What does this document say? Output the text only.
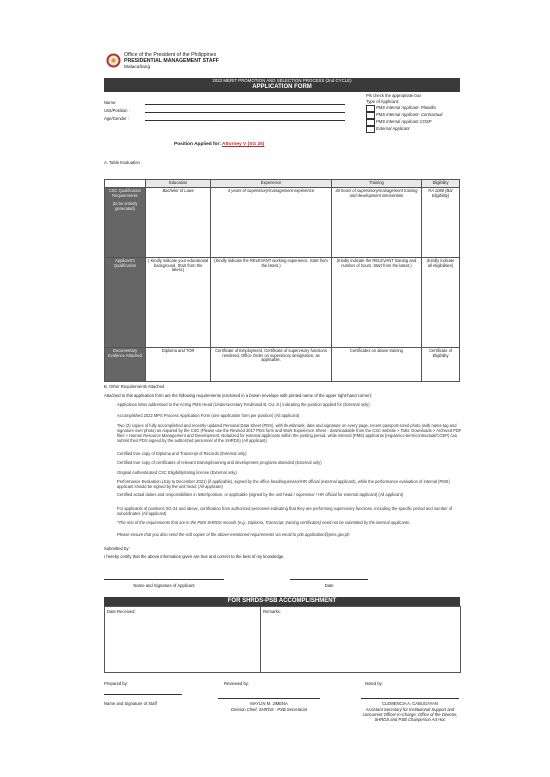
Office of the President of the Philippines
PRESIDENTIAL MANAGEMENT STAFF
Malacañang
2022 MERIT PROMOTION AND SELECTION PROCESS (2nd CYCLE)
APPLICATION FORM
Name:
Unit/Position :
Age/Gender :
Pls check the appropriate box
Type of Applicant:
PMS Internal Applicant- Plantilla
PMS Internal Applicant- Contractual
PMS Internal Applicant COSP
External Applicant
Position Applied for: Attorney V (SG 25)
A. Table Evaluation
	Education	Experience	Training	Eligibility

CSC Qualification Requirements
(to be entirely generated)	Bachelor of Laws	4 years of supervisory/management experience	40 hours of supervisory/management training and development intervention	RA 1080 (Bar Eligibility)
Applicant's Qualification	( Kindly indicate your educational background. Start from the latest.)	(Kindly indicate the RELEVANT working experience. Start from the latest.)	(Kindly indicate the RELEVANT training and number of hours. Start from the latest.)	(Kindly indicate all eligibilities)
Documentary Evidence Attached	Diploma and TOR	Certificate of Employment, Certificate of supervisory functions rendered, Office Order on supervisory designation, as applicable.	Certificates on above training	Certificate of Eligibility
B. Other Requirements Attached
Attached to this application form are the following requirements (enclosed in a brown envelope with printed name of the upper right-hand corner):
Application letter addressed to the Acting PMS Head (Undersecretary Ferdinand B. Cui Jr.) indicating the position applied for (External only)
Accomplished 2022 MPS Process Application Form (one application form per position) (All applicant)
Two (2) copies of fully accomplished and recently updated Personal Data Sheet (PDS), with thumbmark, date and signature on every page, recent passport-sized photo (with name tag and signature over photo) as required by the CSC (Please use the Revised 2017 PDS form and Work Experience Sheet - downloadable from the CSC website > Tabs: Downloads > Archived PDF files > Human Resource Management and Development. Notarized for external applicants within the posting period, while internal (PMS) applicants (regular/co-term/contractual/COSP) can submit their PDS signed by the authorized personnel of the SHRDS) (All applicant)
Certified true copy of Diploma and Transcript of Records (External only)
Certified true copy of certificates of relevant training/learning and development programs attended (External only)
Original Authenticated CSC Eligibility/rating license (External only)
Performance Evaluation (July to December 2021) (if applicable), signed by the office head/supervisor/HR official (external applicant), while the performance evaluation of internal (PMS) applicant should be signed by the unit head. (All applicant)
Certified actual duties and responsibilities in letter/position, or applicable (signed by the unit head / supervisor / HR official for external applicant) (All applicant)
For applicants of positions SG-24 and above, certification from authorized personnel indicating that they are performing supervisory functions, including the specific period and number of subordinates (All applicant)
*The rest of the requirements that are in the PMS SHRDS records (e.g., Diploma, Transcript, training certificates) need not be submitted by the internal applicants.
Please ensure that you also send the soft copies of the above-mentioned requirements via email to pds.application@pms.gov.ph
Submitted by:
I hereby certify that the above information given are true and correct to the best of my knowledge.
Name and Signature of Applicant	Date
FOR SHRDS-PSB ACCOMPLISHMENT
Date Received:	Remarks:
Prepared by:	Reviewed by:	Noted by:
Name and Signature of Staff	MAYLIN M. JIMENA
Division Chief, SHRDS - PSB Secretariat
CLEMENCIA A. CABUGAYAN
Assistant Secretary for Institutional Support and concurrent Officer-in-Charge, Office of the Director, SHRDS and PSB Chairperson Ad Hoc
